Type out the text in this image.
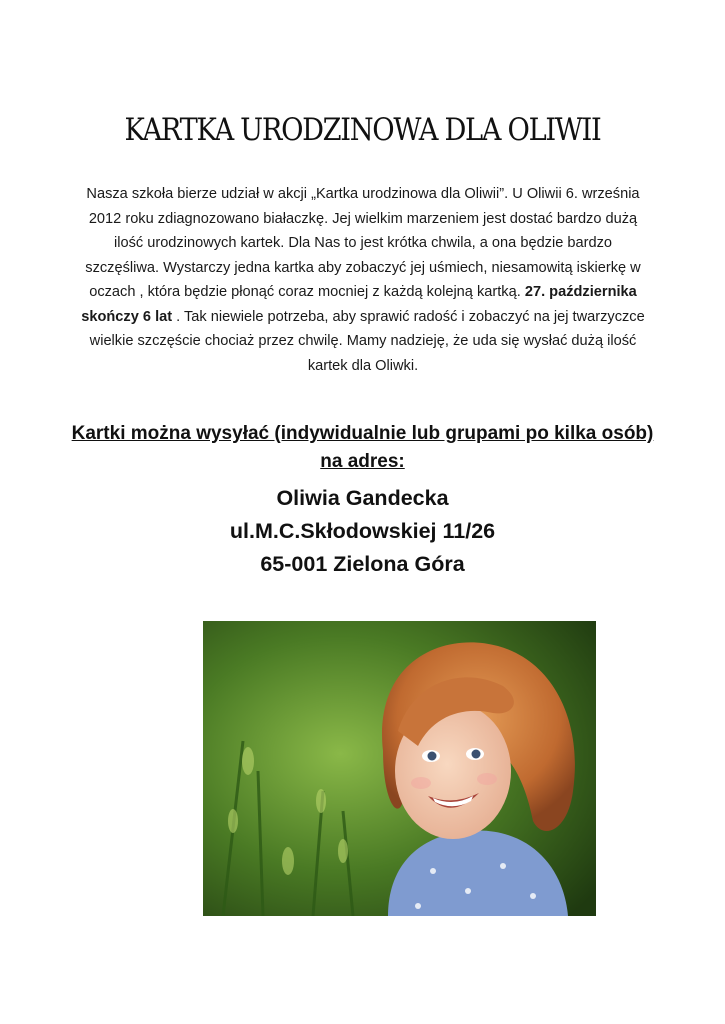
KARTKA URODZINOWA DLA OLIWII

Nasza szkoła bierze udział w akcji „Kartka urodzinowa dla Oliwii”. U Oliwii 6. września 2012 roku zdiagnozowano białaczkę. Jej wielkim marzeniem jest dostać bardzo dużą ilość urodzinowych kartek. Dla Nas to jest krótka chwila, a ona będzie bardzo szczęśliwa. Wystarczy jedna kartka aby zobaczyć jej uśmiech, niesamowitą iskierkę w oczach , która będzie płonąć coraz mocniej z każdą kolejną kartką. 27. października skończy 6 lat . Tak niewiele potrzeba, aby sprawić radość i zobaczyć na jej twarzyczce wielkie szczęście chociaż przez chwilę. Mamy nadzieję, że uda się wysłać dużą ilość kartek dla Oliwki.

Kartki można wysyłać (indywidualnie lub grupami po kilka osób) na adres:

Oliwia Gandecka
ul.M.C.Skłodowskiej 11/26
65-001 Zielona Góra
